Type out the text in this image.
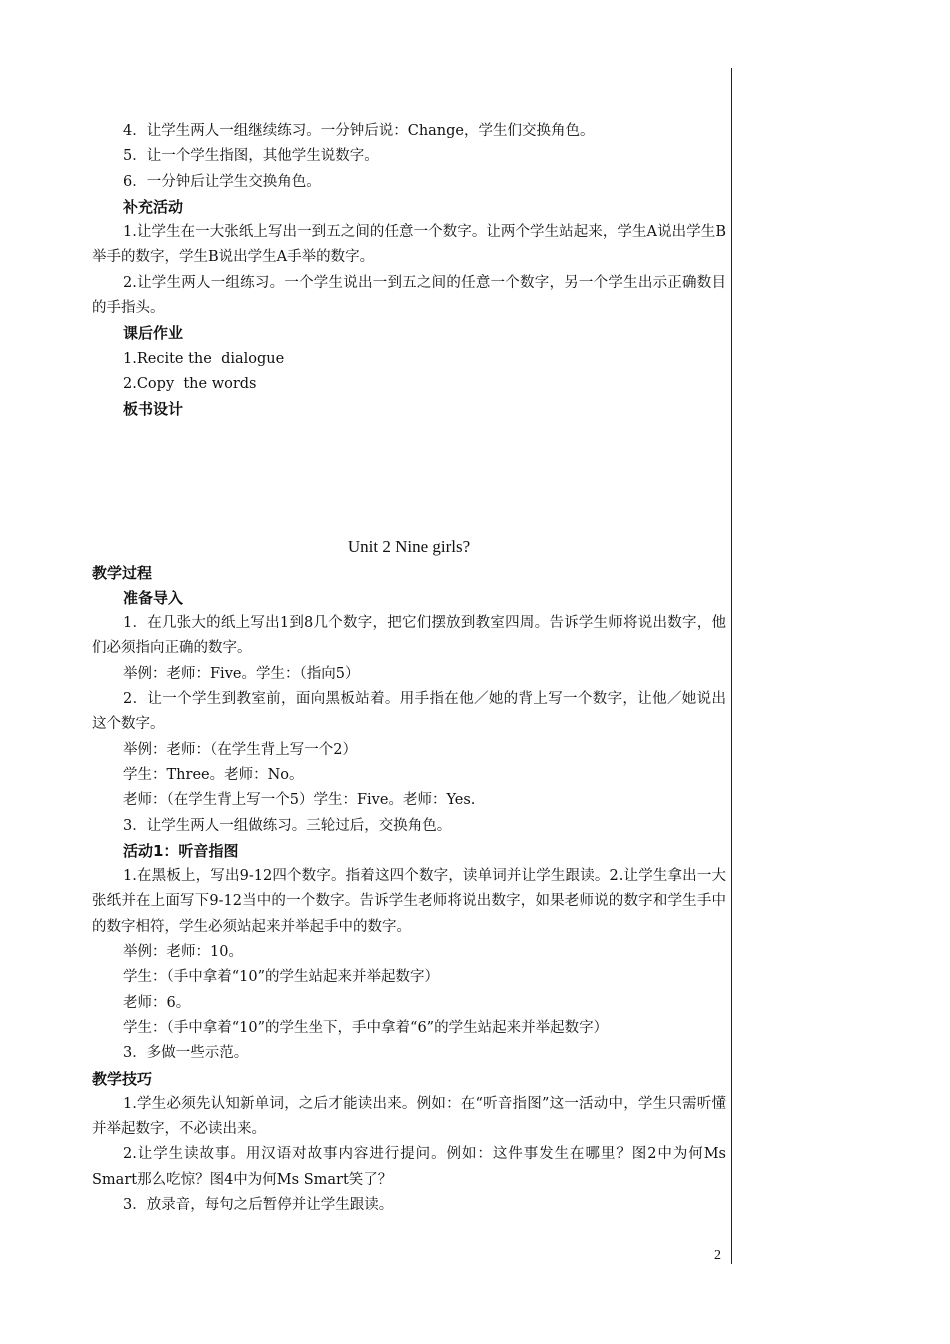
4．让学生两人一组继续练习。一分钟后说：Change，学生们交换角色。
5．让一个学生指图，其他学生说数字。
6．一分钟后让学生交换角色。
补充活动

1.让学生在一大张纸上写出一到五之间的任意一个数字。让两个学生站起来，学生A说出学生B举手的数字，学生B说出学生A手举的数字。

2.让学生两人一组练习。一个学生说出一到五之间的任意一个数字，另一个学生出示正确数目的手指头。

课后作业
1.Recite the  dialogue
2.Copy  the words
板书设计
Unit 2 Nine girls?
教学过程
准备导入

1．在几张大的纸上写出1到8几个数字，把它们摆放到教室四周。告诉学生师将说出数字，他们必须指向正确的数字。

举例：老师：Five。学生：（指向5）

2．让一个学生到教室前，面向黑板站着。用手指在他／她的背上写一个数字，让他／她说出这个数字。

举例：老师：（在学生背上写一个2）

学生：Three。老师：No。

老师：（在学生背上写一个5）学生：Five。老师：Yes.

3．让学生两人一组做练习。三轮过后，交换角色。

活动1：听音指图

1.在黑板上，写出9-12四个数字。指着这四个数字，读单词并让学生跟读。2.让学生拿出一大张纸并在上面写下9-12当中的一个数字。告诉学生老师将说出数字，如果老师说的数字和学生手中的数字相符，学生必须站起来并举起手中的数字。

举例：老师：10。

学生：（手中拿着“10”的学生站起来并举起数字）

老师：6。

学生：（手中拿着“10”的学生坐下，手中拿着“6”的学生站起来并举起数字）

3．多做一些示范。

教学技巧

1.学生必须先认知新单词，之后才能读出来。例如：在“听音指图”这一活动中，学生只需听懂并举起数字，不必读出来。

2.让学生读故事。用汉语对故事内容进行提问。例如：这件事发生在哪里？图2中为何Ms Smart那么吃惊？图4中为何Ms Smart笑了？

3．放录音，每句之后暂停并让学生跟读。

2
